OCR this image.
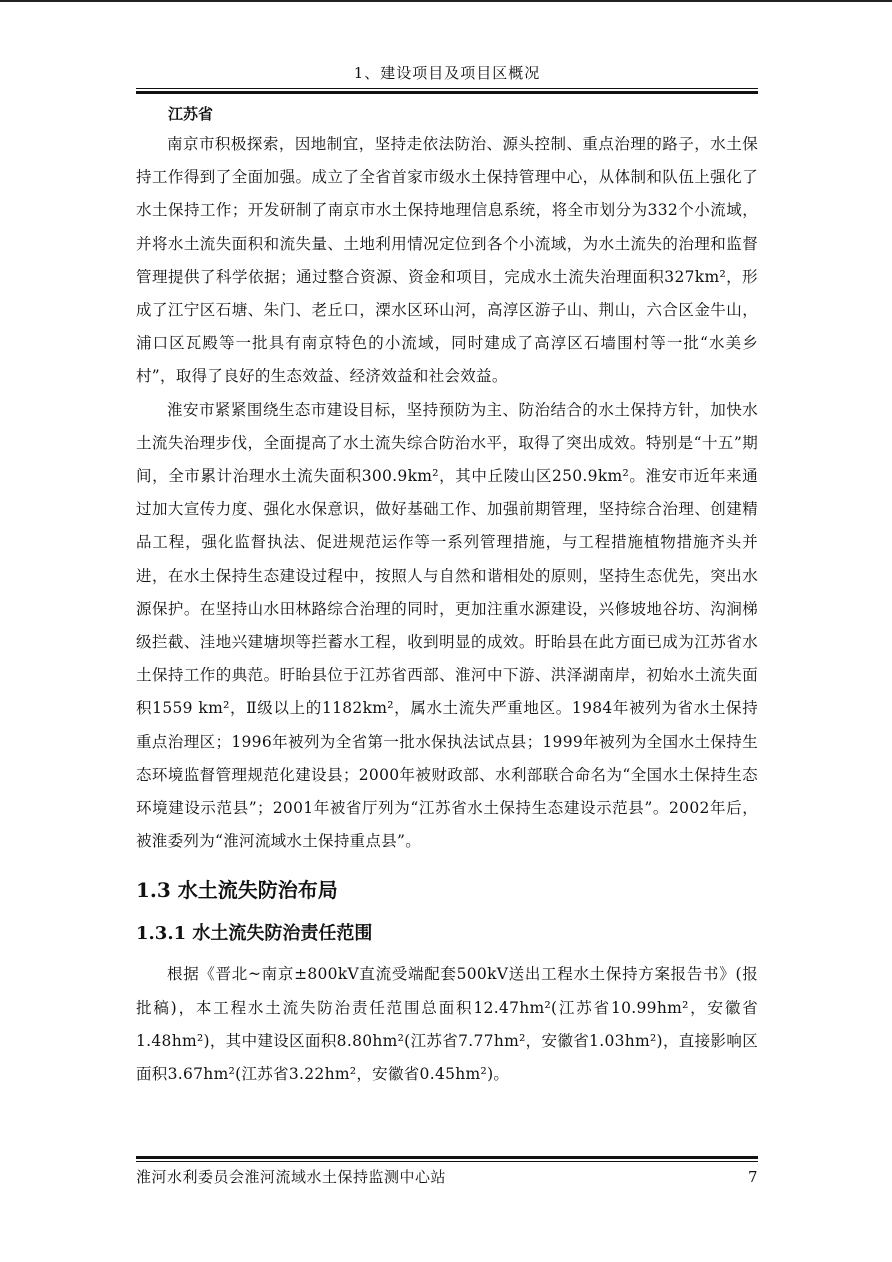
1、建设项目及项目区概况
江苏省

南京市积极探索，因地制宜，坚持走依法防治、源头控制、重点治理的路子，水土保持工作得到了全面加强。成立了全省首家市级水土保持管理中心，从体制和队伍上强化了水土保持工作；开发研制了南京市水土保持地理信息系统，将全市划分为332个小流域，并将水土流失面积和流失量、土地利用情况定位到各个小流域，为水土流失的治理和监督管理提供了科学依据；通过整合资源、资金和项目，完成水土流失治理面积327km²，形成了江宁区石塘、朱门、老丘口，溧水区环山河，高淳区游子山、荆山，六合区金牛山，浦口区瓦殿等一批具有南京特色的小流域，同时建成了高淳区石墙围村等一批“水美乡村”，取得了良好的生态效益、经济效益和社会效益。

淮安市紧紧围绕生态市建设目标，坚持预防为主、防治结合的水土保持方针，加快水土流失治理步伐，全面提高了水土流失综合防治水平，取得了突出成效。特别是“十五”期间，全市累计治理水土流失面积300.9km²，其中丘陵山区250.9km²。淮安市近年来通过加大宣传力度、强化水保意识，做好基础工作、加强前期管理，坚持综合治理、创建精品工程，强化监督执法、促进规范运作等一系列管理措施，与工程措施植物措施齐头并进，在水土保持生态建设过程中，按照人与自然和谐相处的原则，坚持生态优先，突出水源保护。在坚持山水田林路综合治理的同时，更加注重水源建设，兴修坡地谷坊、沟涧梯级拦截、洼地兴建塘坝等拦蓄水工程，收到明显的成效。盱眙县在此方面已成为江苏省水土保持工作的典范。盱眙县位于江苏省西部、淮河中下游、洪泽湖南岸，初始水土流失面积1559 km²，Ⅱ级以上的1182km²，属水土流失严重地区。1984年被列为省水土保持重点治理区；1996年被列为全省第一批水保执法试点县；1999年被列为全国水土保持生态环境监督管理规范化建设县；2000年被财政部、水利部联合命名为“全国水土保持生态环境建设示范县”；2001年被省厅列为“江苏省水土保持生态建设示范县”。2002年后，被淮委列为“淮河流域水土保持重点县”。

1.3 水土流失防治布局
1.3.1 水土流失防治责任范围

根据《晋北~南京±800kV直流受端配套500kV送出工程水土保持方案报告书》(报批稿)，本工程水土流失防治责任范围总面积12.47hm²(江苏省10.99hm²，安徽省1.48hm²)，其中建设区面积8.80hm²(江苏省7.77hm²，安徽省1.03hm²)，直接影响区面积3.67hm²(江苏省3.22hm²，安徽省0.45hm²)。

淮河水利委员会淮河流域水土保持监测中心站	7
